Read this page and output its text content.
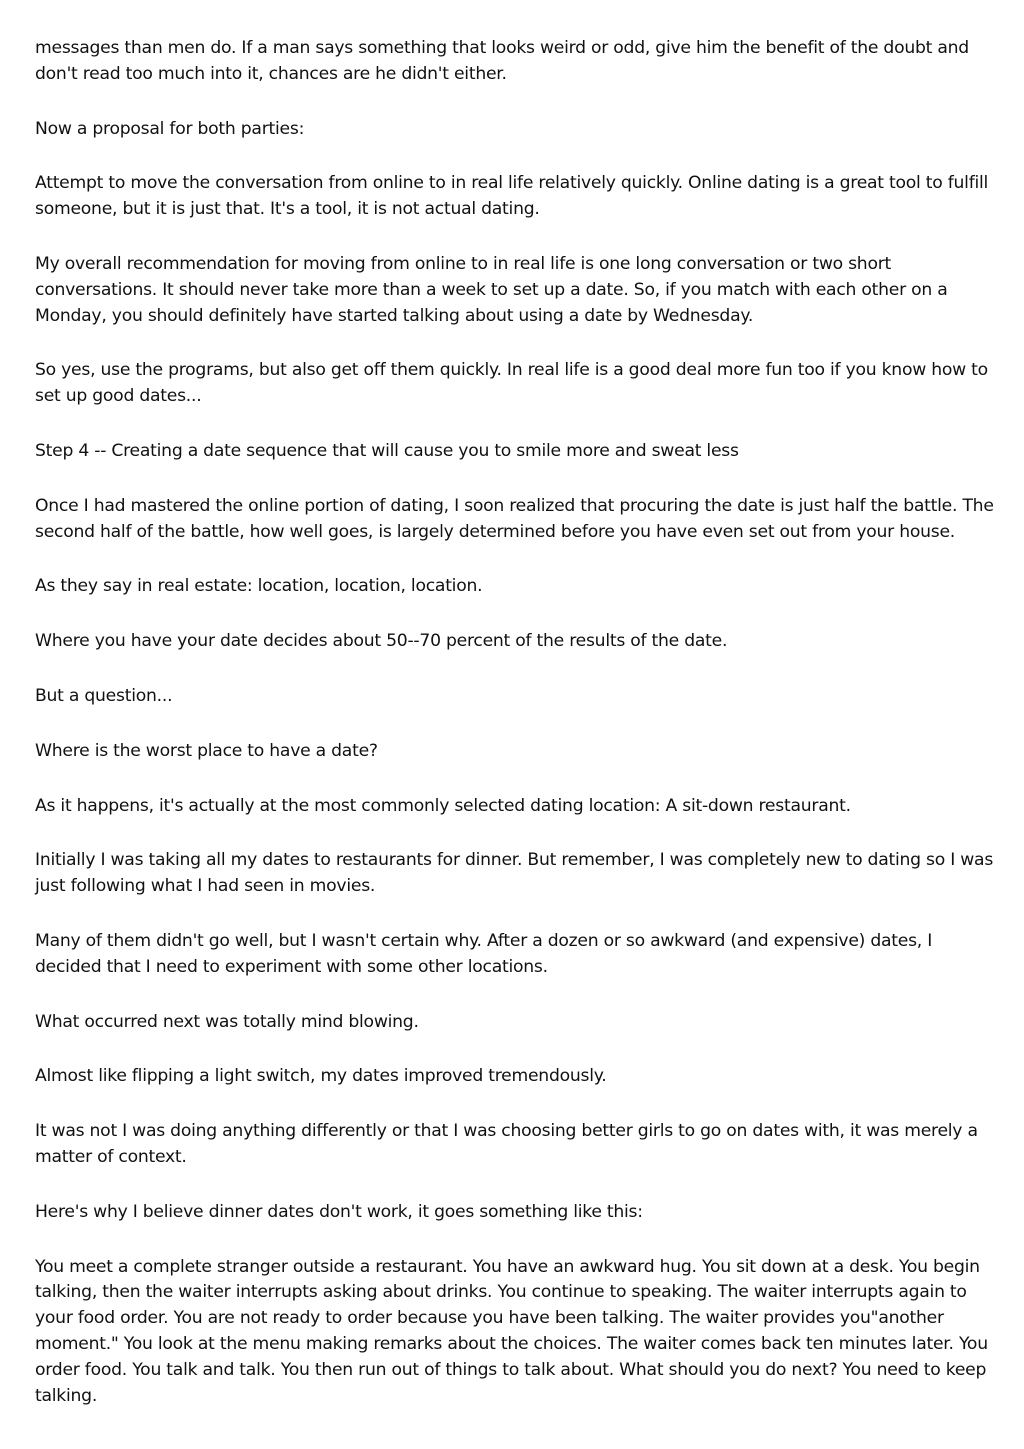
messages than men do. If a man says something that looks weird or odd, give him the benefit of the doubt and don't read too much into it, chances are he didn't either.

Now a proposal for both parties:

Attempt to move the conversation from online to in real life relatively quickly. Online dating is a great tool to fulfill someone, but it is just that. It's a tool, it is not actual dating.

My overall recommendation for moving from online to in real life is one long conversation or two short conversations. It should never take more than a week to set up a date. So, if you match with each other on a Monday, you should definitely have started talking about using a date by Wednesday.

So yes, use the programs, but also get off them quickly. In real life is a good deal more fun too if you know how to set up good dates...

Step 4 -- Creating a date sequence that will cause you to smile more and sweat less

Once I had mastered the online portion of dating, I soon realized that procuring the date is just half the battle. The second half of the battle, how well goes, is largely determined before you have even set out from your house.

As they say in real estate: location, location, location.

Where you have your date decides about 50--70 percent of the results of the date.

But a question...

Where is the worst place to have a date?

As it happens, it's actually at the most commonly selected dating location: A sit-down restaurant.

Initially I was taking all my dates to restaurants for dinner. But remember, I was completely new to dating so I was just following what I had seen in movies.

Many of them didn't go well, but I wasn't certain why. After a dozen or so awkward (and expensive) dates, I decided that I need to experiment with some other locations.

What occurred next was totally mind blowing.

Almost like flipping a light switch, my dates improved tremendously.

It was not I was doing anything differently or that I was choosing better girls to go on dates with, it was merely a matter of context.

Here's why I believe dinner dates don't work, it goes something like this:

You meet a complete stranger outside a restaurant. You have an awkward hug. You sit down at a desk. You begin talking, then the waiter interrupts asking about drinks. You continue to speaking. The waiter interrupts again to your food order. You are not ready to order because you have been talking. The waiter provides you"another moment." You look at the menu making remarks about the choices. The waiter comes back ten minutes later. You order food. You talk and talk. You then run out of things to talk about. What should you do next? You need to keep talking.
